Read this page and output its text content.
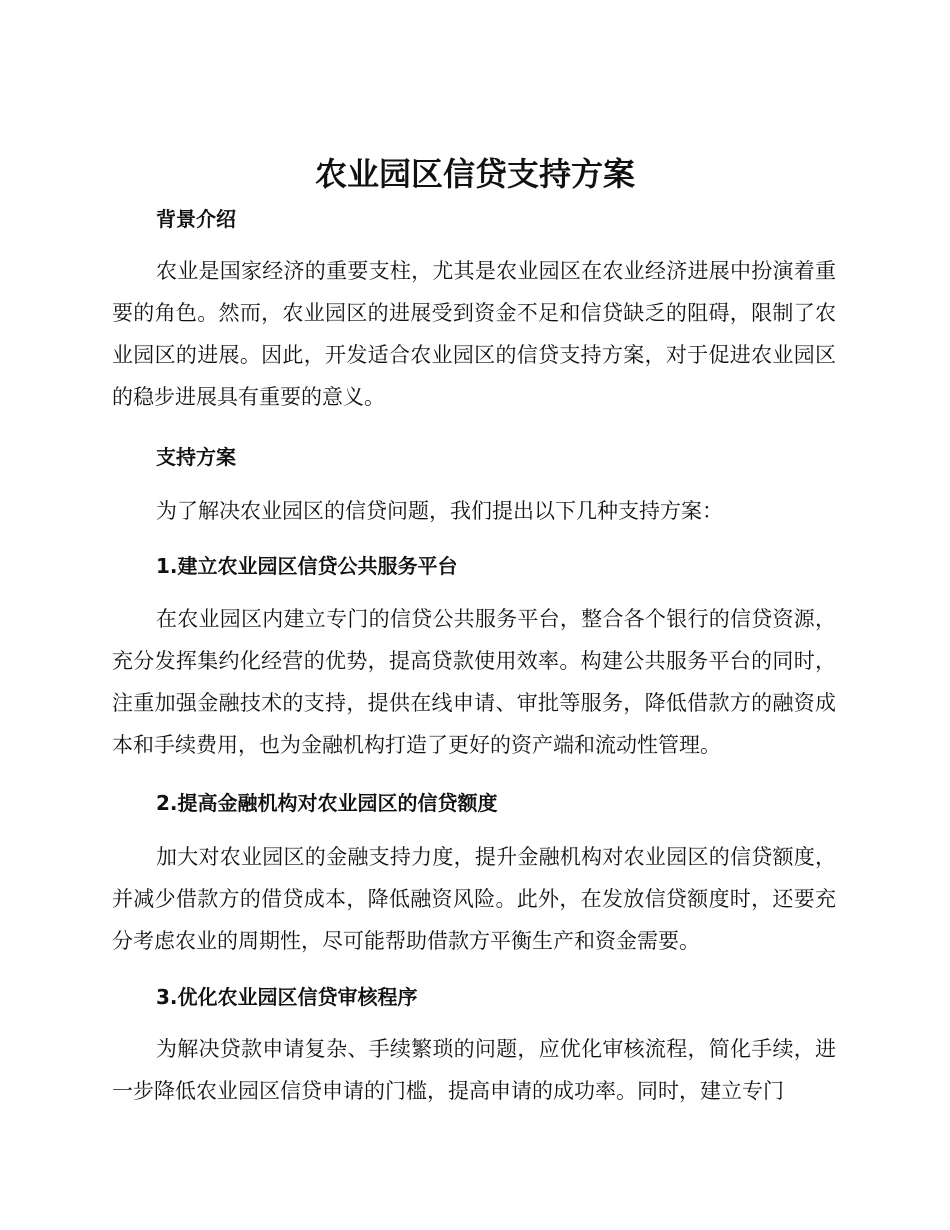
农业园区信贷支持方案
背景介绍

农业是国家经济的重要支柱，尤其是农业园区在农业经济进展中扮演着重要的角色。然而，农业园区的进展受到资金不足和信贷缺乏的阻碍，限制了农业园区的进展。因此，开发适合农业园区的信贷支持方案，对于促进农业园区的稳步进展具有重要的意义。

支持方案

为了解决农业园区的信贷问题，我们提出以下几种支持方案：

1.建立农业园区信贷公共服务平台

在农业园区内建立专门的信贷公共服务平台，整合各个银行的信贷资源，充分发挥集约化经营的优势，提高贷款使用效率。构建公共服务平台的同时，注重加强金融技术的支持，提供在线申请、审批等服务，降低借款方的融资成本和手续费用，也为金融机构打造了更好的资产端和流动性管理。

2.提高金融机构对农业园区的信贷额度

加大对农业园区的金融支持力度，提升金融机构对农业园区的信贷额度，并减少借款方的借贷成本，降低融资风险。此外，在发放信贷额度时，还要充分考虑农业的周期性，尽可能帮助借款方平衡生产和资金需要。

3.优化农业园区信贷审核程序

为解决贷款申请复杂、手续繁琐的问题，应优化审核流程，简化手续，进一步降低农业园区信贷申请的门槛，提高申请的成功率。同时，建立专门
